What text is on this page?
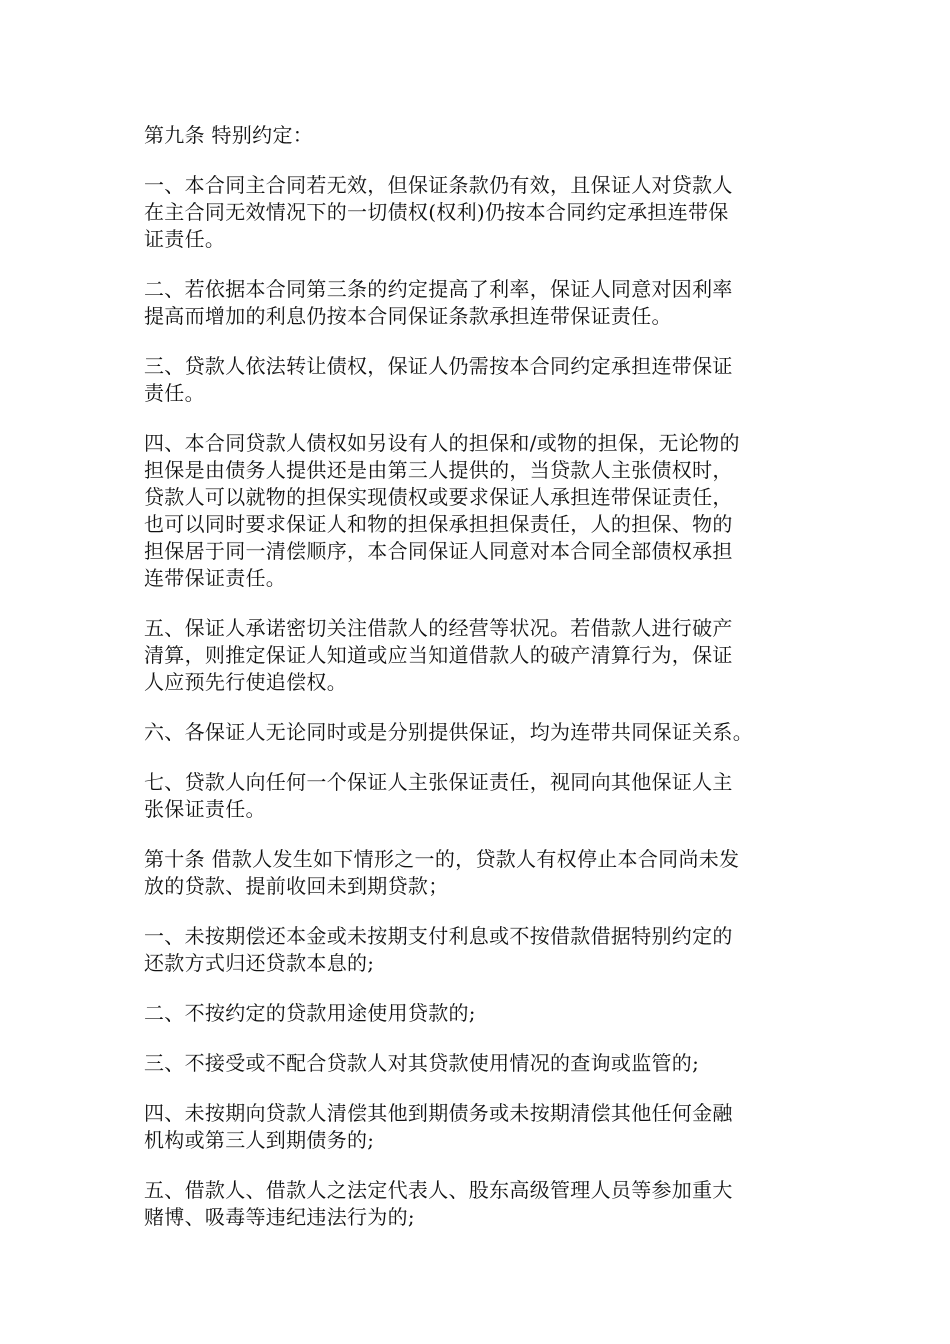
第九条 特别约定：

一、本合同主合同若无效，但保证条款仍有效，且保证人对贷款人
在主合同无效情况下的一切债权(权利)仍按本合同约定承担连带保
证责任。

二、若依据本合同第三条的约定提高了利率，保证人同意对因利率
提高而增加的利息仍按本合同保证条款承担连带保证责任。

三、贷款人依法转让债权，保证人仍需按本合同约定承担连带保证
责任。

四、本合同贷款人债权如另设有人的担保和/或物的担保，无论物的
担保是由债务人提供还是由第三人提供的，当贷款人主张债权时，
贷款人可以就物的担保实现债权或要求保证人承担连带保证责任，
也可以同时要求保证人和物的担保承担担保责任，人的担保、物的
担保居于同一清偿顺序，本合同保证人同意对本合同全部债权承担
连带保证责任。

五、保证人承诺密切关注借款人的经营等状况。若借款人进行破产
清算，则推定保证人知道或应当知道借款人的破产清算行为，保证
人应预先行使追偿权。

六、各保证人无论同时或是分别提供保证，均为连带共同保证关系。

七、贷款人向任何一个保证人主张保证责任，视同向其他保证人主
张保证责任。

第十条 借款人发生如下情形之一的，贷款人有权停止本合同尚未发
放的贷款、提前收回未到期贷款；

一、未按期偿还本金或未按期支付利息或不按借款借据特别约定的
还款方式归还贷款本息的;

二、不按约定的贷款用途使用贷款的;

三、不接受或不配合贷款人对其贷款使用情况的查询或监管的;

四、未按期向贷款人清偿其他到期债务或未按期清偿其他任何金融
机构或第三人到期债务的;

五、借款人、借款人之法定代表人、股东高级管理人员等参加重大
赌博、吸毒等违纪违法行为的;
